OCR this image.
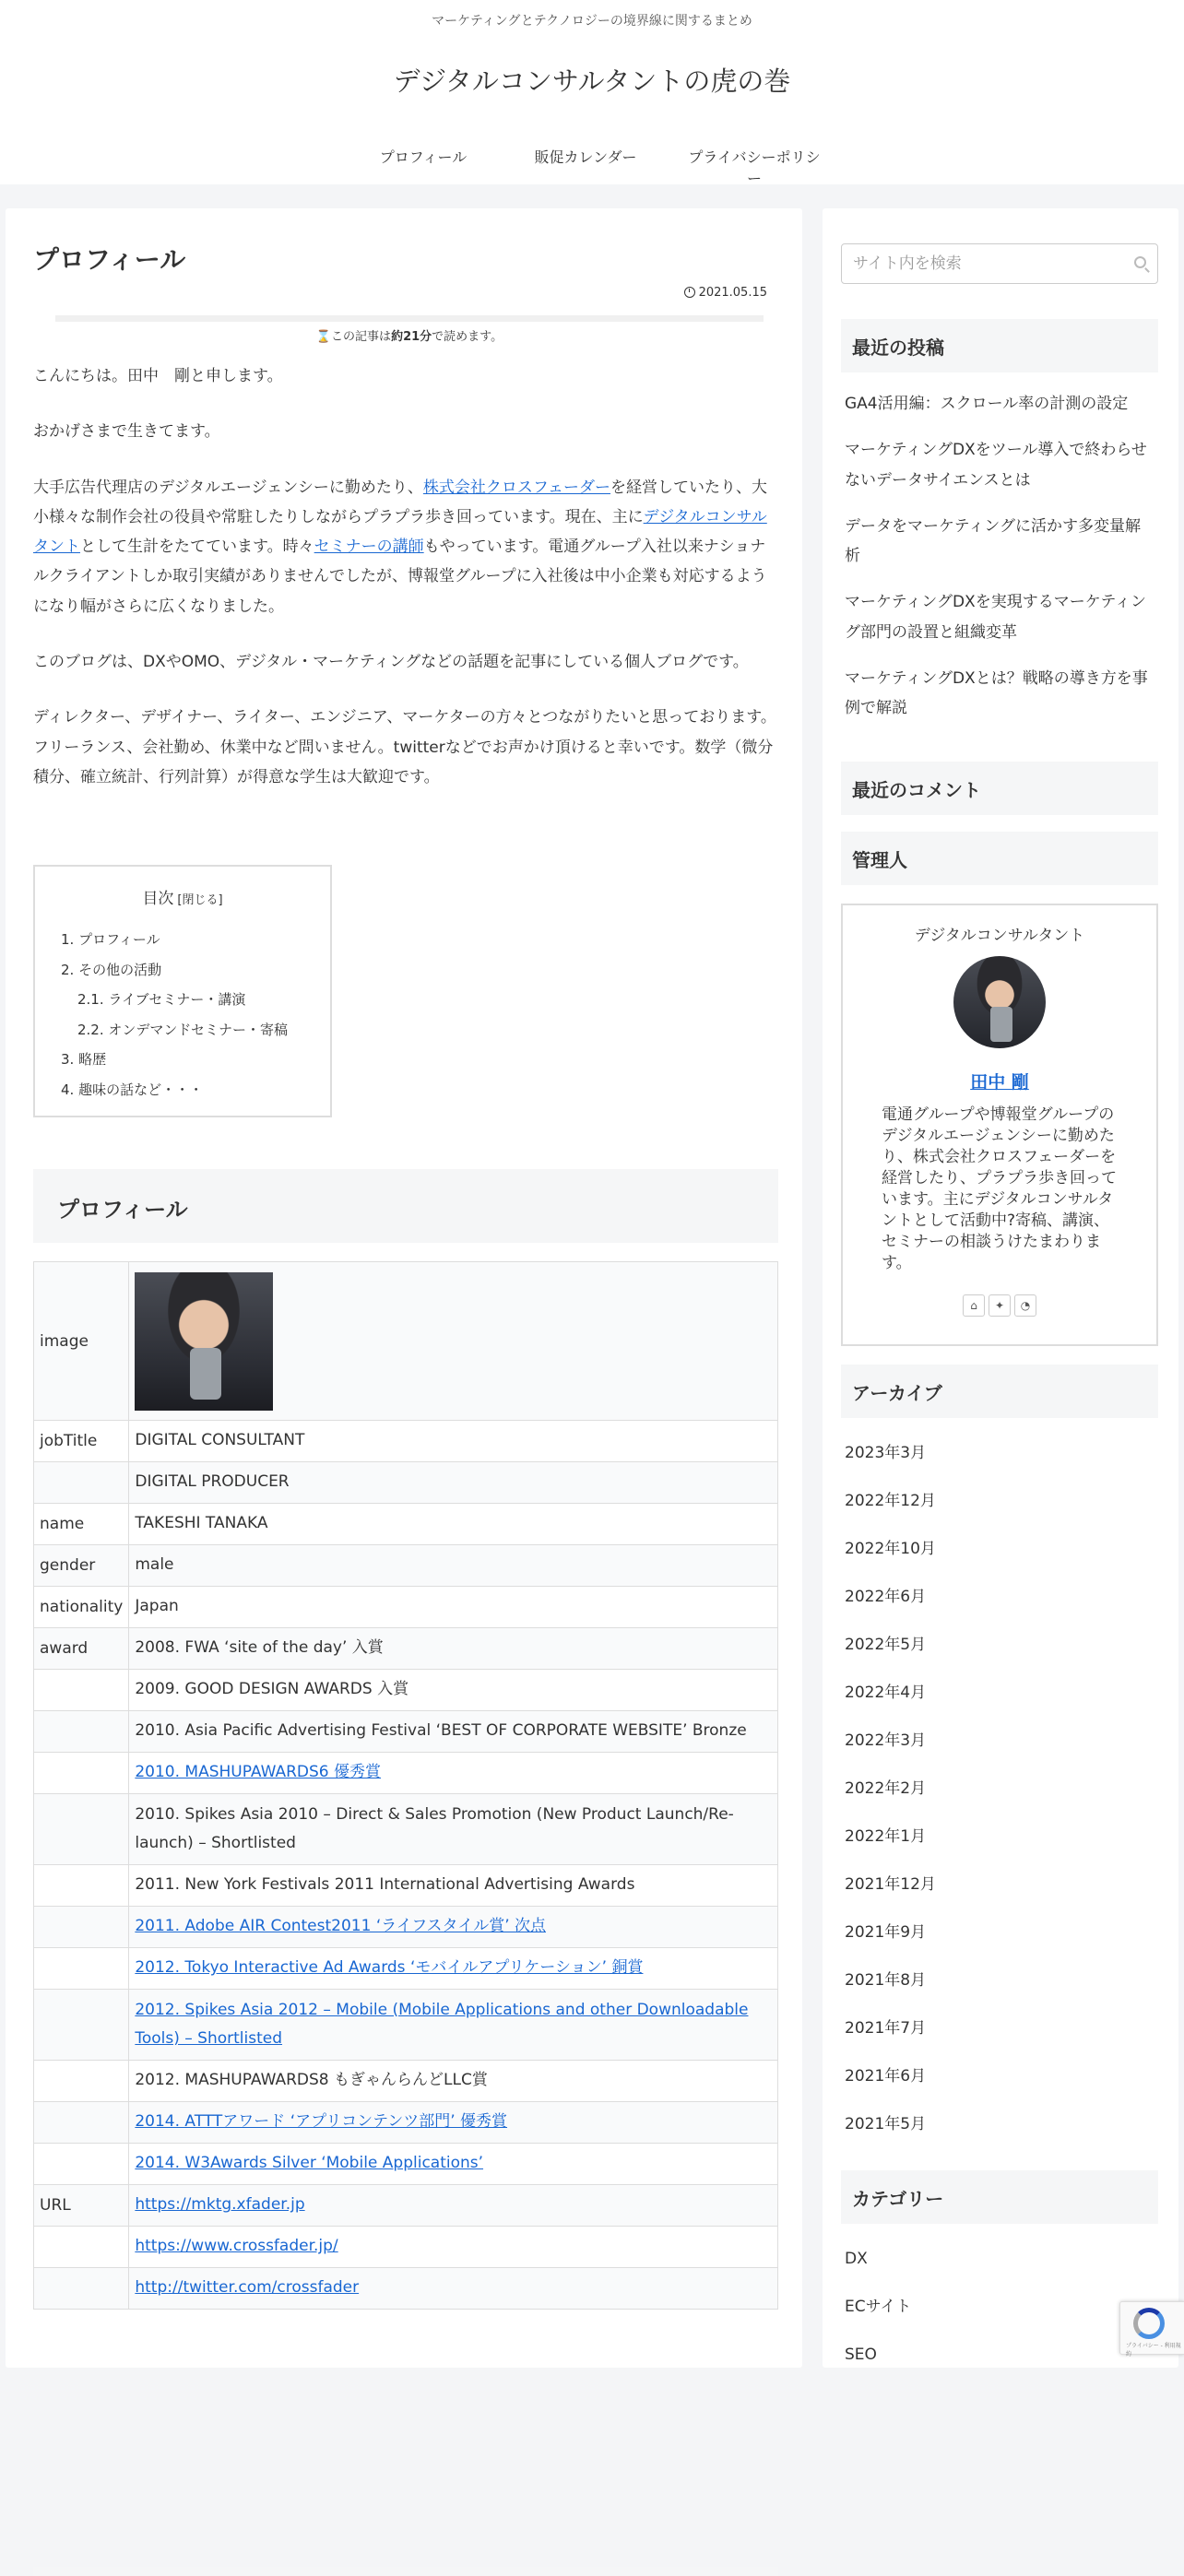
マーケティングとテクノロジーの境界線に関するまとめ
デジタルコンサルタントの虎の巻
プロフィール	販促カレンダー	プライバシーポリシー
プロフィール
2021.05.15
⌛この記事は約21分で読めます。

こんにちは。田中　剛と申します。

おかげさまで生きてます。

大手広告代理店のデジタルエージェンシーに勤めたり、株式会社クロスフェーダーを経営していたり、大小様々な制作会社の役員や常駐したりしながらプラプラ歩き回っています。現在、主にデジタルコンサルタントとして生計をたてています。時々セミナーの講師もやっています。電通グループ入社以来ナショナルクライアントしか取引実績がありませんでしたが、博報堂グループに入社後は中小企業も対応するようになり幅がさらに広くなりました。

このブログは、DXやOMO、デジタル・マーケティングなどの話題を記事にしている個人ブログです。

ディレクター、デザイナー、ライター、エンジニア、マーケターの方々とつながりたいと思っております。フリーランス、会社勤め、休業中など問いません。twitterなどでお声かけ頂けると幸いです。数学（微分積分、確立統計、行列計算）が得意な学生は大歓迎です。

目次 [閉じる]
1. プロフィール
2. その他の活動
2.1. ライブセミナー・講演
2.2. オンデマンドセミナー・寄稿
3. 略歴
4. 趣味の話など・・・
プロフィール
image	

jobTitle	DIGITAL CONSULTANT
	DIGITAL PRODUCER
name	TAKESHI TANAKA
gender	male
nationality	Japan
award	2008. FWA ‘site of the day’ 入賞
	2009. GOOD DESIGN AWARDS 入賞
	2010. Asia Pacific Advertising Festival ‘BEST OF CORPORATE WEBSITE’ Bronze
	2010. MASHUPAWARDS6 優秀賞
	2010. Spikes Asia 2010 – Direct & Sales Promotion (New Product Launch/Re-launch) – Shortlisted
	2011. New York Festivals 2011 International Advertising Awards
	2011. Adobe AIR Contest2011 ‘ライフスタイル賞’ 次点
	2012. Tokyo Interactive Ad Awards ‘モバイルアプリケーション’ 銅賞
	2012. Spikes Asia 2012 – Mobile (Mobile Applications and other Downloadable Tools) – Shortlisted
	2012. MASHUPAWARDS8 もぎゃんらんどLLC賞
	2014. ATTTアワード ‘アプリコンテンツ部門’ 優秀賞
	2014. W3Awards Silver ‘Mobile Applications’
URL	https://mktg.xfader.jp
	https://www.crossfader.jp/
	http://twitter.com/crossfader
サイト内を検索
最近の投稿
GA4活用編：スクロール率の計測の設定
マーケティングDXをツール導入で終わらせないデータサイエンスとは
データをマーケティングに活かす多変量解析
マーケティングDXを実現するマーケティング部門の設置と組織変革
マーケティングDXとは？戦略の導き方を事例で解説
最近のコメント
管理人
デジタルコンサルタント
田中 剛
電通グループや博報堂グループのデジタルエージェンシーに勤めたり、株式会社クロスフェーダーを経営したり、プラプラ歩き回っています。主にデジタルコンサルタントとして活動中?寄稿、講演、セミナーの相談うけたまわります。
⌂	✦	◔
アーカイブ
2023年3月
2022年12月
2022年10月
2022年6月
2022年5月
2022年4月
2022年3月
2022年2月
2022年1月
2021年12月
2021年9月
2021年8月
2021年7月
2021年6月
2021年5月
カテゴリー
DX
ECサイト
SEO	プライバシー - 利用規約
